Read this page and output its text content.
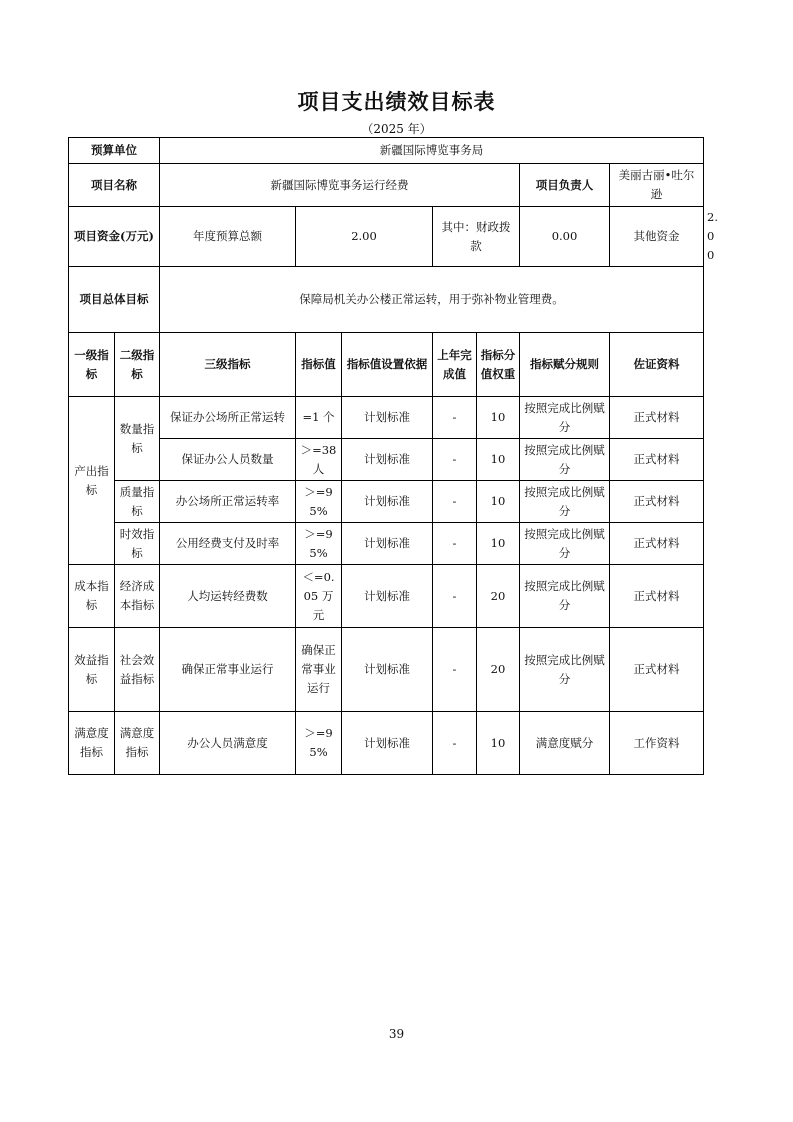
项目支出绩效目标表
（2025 年）
预算单位		新疆国际博览事务局							
项目名称		新疆国际博览事务运行经费					项目负责人	美丽古丽•吐尔逊	
项目资金(万元)		年度预算总额	2.00		其中：财政拨款		0.00	其他资金	2.00
项目总体目标		保障局机关办公楼正常运转，用于弥补物业管理费。							
一级指标	二级指标	三级指标	指标值	指标值设置依据	上年完成值	指标分值权重	指标赋分规则	佐证资料	
产出指标	数量指标	保证办公场所正常运转	=1 个	计划标准	-	10	按照完成比例赋分	正式材料	
		保证办公人员数量	＞=38 人	计划标准	-	10	按照完成比例赋分	正式材料	
	质量指标	办公场所正常运转率	＞=95%	计划标准	-	10	按照完成比例赋分	正式材料	
	时效指标	公用经费支付及时率	＞=95%	计划标准	-	10	按照完成比例赋分	正式材料	
成本指标	经济成本指标	人均运转经费数	＜=0.05 万元	计划标准	-	20	按照完成比例赋分	正式材料	
效益指标	社会效益指标	确保正常事业运行	确保正常事业运行	计划标准	-	20	按照完成比例赋分	正式材料	
满意度指标	满意度指标	办公人员满意度	＞=95%	计划标准	-	10	满意度赋分	工作资料	
39
